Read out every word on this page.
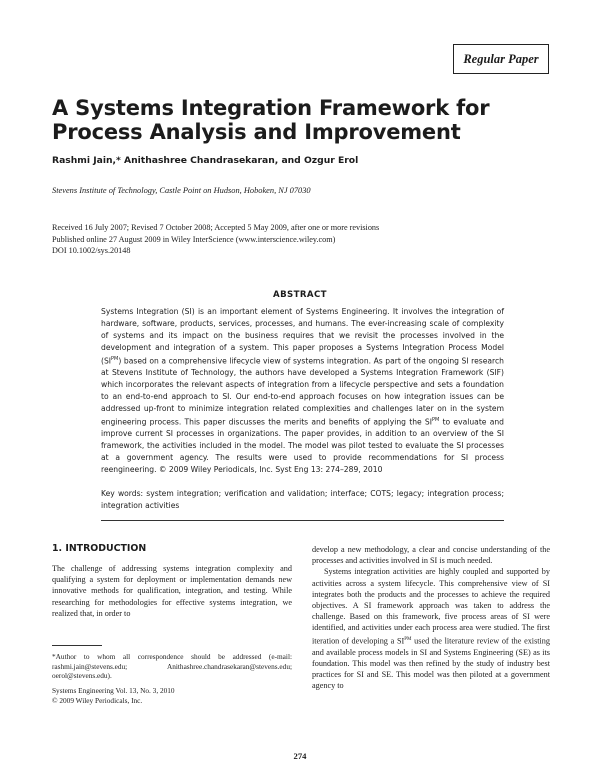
Regular Paper
A Systems Integration Framework for Process Analysis and Improvement
Rashmi Jain,* Anithashree Chandrasekaran, and Ozgur Erol
Stevens Institute of Technology, Castle Point on Hudson, Hoboken, NJ 07030
Received 16 July 2007; Revised 7 October 2008; Accepted 5 May 2009, after one or more revisions
Published online 27 August 2009 in Wiley InterScience (www.interscience.wiley.com)
DOI 10.1002/sys.20148
ABSTRACT
Systems Integration (SI) is an important element of Systems Engineering. It involves the integration of hardware, software, products, services, processes, and humans. The ever-increasing scale of complexity of systems and its impact on the business requires that we revisit the processes involved in the development and integration of a system. This paper proposes a Systems Integration Process Model $(SI^{PM})$ based on a comprehensive lifecycle view of systems integration. As part of the ongoing SI research at Stevens Institute of Technology, the authors have developed a Systems Integration Framework (SIF) which incorporates the relevant aspects of integration from a lifecycle perspective and sets a foundation to an end-to-end approach to SI. Our end-to-end approach focuses on how integration issues can be addressed up-front to minimize integration related complexities and challenges later on in the system engineering process. This paper discusses the merits and benefits of applying the $SI^{PM}$ to evaluate and improve current SI processes in organizations. The paper provides, in addition to an overview of the SI framework, the activities included in the model. The model was pilot tested to evaluate the SI processes at a government agency. The results were used to provide recommendations for SI process reengineering. © 2009 Wiley Periodicals, Inc. Syst Eng 13: 274–289, 2010
Key words: system integration; verification and validation; interface; COTS; legacy; integration process; integration activities
1. INTRODUCTION
The challenge of addressing systems integration complexity and qualifying a system for deployment or implementation demands new innovative methods for qualification, integration, and testing. While researching for methodologies for effective systems integration, we realized that, in order to
*Author to whom all correspondence should be addressed (e-mail: rashmi.jain@stevens.edu; Anithashree.chandrasekaran@stevens.edu; oerol@stevens.edu).
Systems Engineering Vol. 13, No. 3, 2010
© 2009 Wiley Periodicals, Inc.

develop a new methodology, a clear and concise understanding of the processes and activities involved in SI is much needed.

Systems integration activities are highly coupled and supported by activities across a system lifecycle. This comprehensive view of SI integrates both the products and the processes to achieve the required objectives. A SI framework approach was taken to address the challenge. Based on this framework, five process areas of SI were identified, and activities under each process area were studied. The first iteration of developing a $SI^{PM}$ used the literature review of the existing and available process models in SI and Systems Engineering (SE) as its foundation. This model was then refined by the study of industry best practices for SI and SE. This model was then piloted at a government agency to

274
